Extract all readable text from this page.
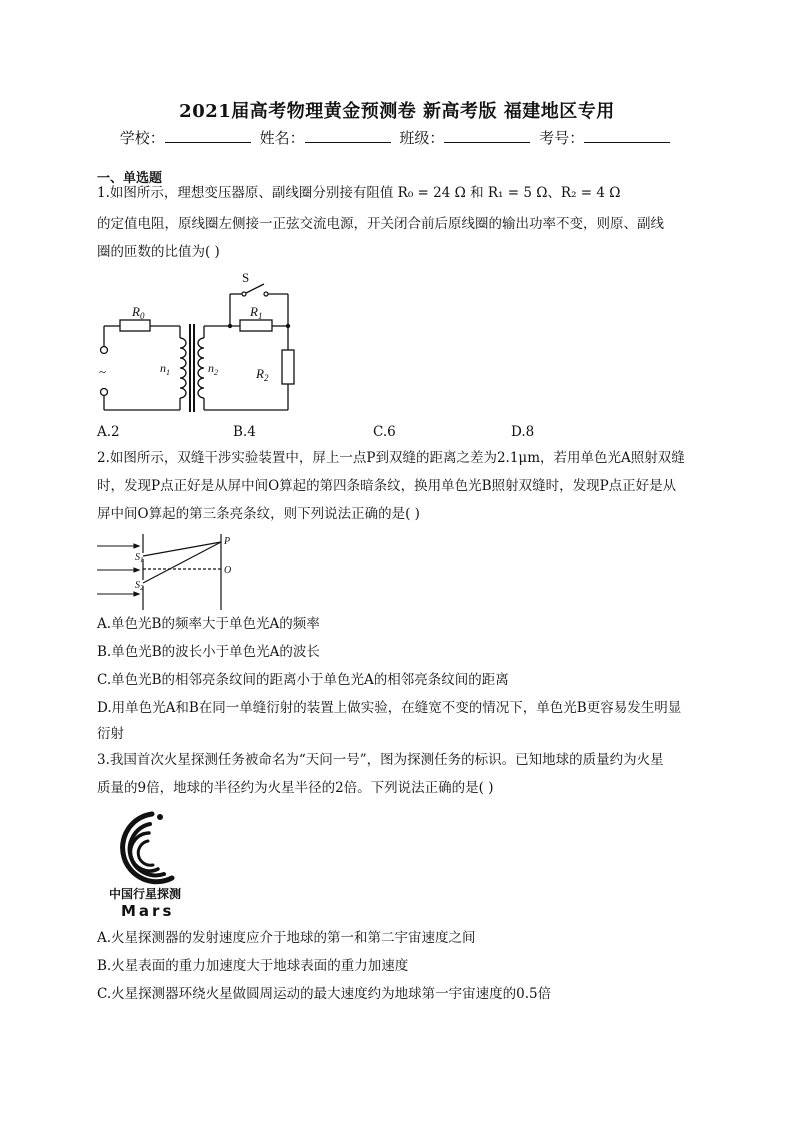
2021届高考物理黄金预测卷 新高考版 福建地区专用
学校：	姓名：	班级：	考号：
一、单选题
1.如图所示，理想变压器原、副线圈分别接有阻值 R₀ = 24 Ω 和 R₁ = 5 Ω、R₂ = 4 Ω
的定值电阻，原线圈左侧接一正弦交流电源，开关闭合前后原线圈的输出功率不变，则原、副线
圈的匝数的比值为( )
$R_0$	$R_1$
$R_2$
$n_1$	$n_2$
S
~
A.2	B.4	C.6	D.8
2.如图所示，双缝干涉实验装置中，屏上一点P到双缝的距离之差为2.1μm，若用单色光A照射双缝
时，发现P点正好是从屏中间O算起的第四条暗条纹，换用单色光B照射双缝时，发现P点正好是从
屏中间O算起的第三条亮条纹，则下列说法正确的是( )
$S_1$
$S_2$
P
O
A.单色光B的频率大于单色光A的频率
B.单色光B的波长小于单色光A的波长
C.单色光B的相邻亮条纹间的距离小于单色光A的相邻亮条纹间的距离
D.用单色光A和B在同一单缝衍射的装置上做实验，在缝宽不变的情况下，单色光B更容易发生明显
衍射
3.我国首次火星探测任务被命名为“天问一号”，图为探测任务的标识。已知地球的质量约为火星
质量的9倍，地球的半径约为火星半径的2倍。下列说法正确的是( )
中国行星探测
Mars
A.火星探测器的发射速度应介于地球的第一和第二宇宙速度之间
B.火星表面的重力加速度大于地球表面的重力加速度
C.火星探测器环绕火星做圆周运动的最大速度约为地球第一宇宙速度的0.5倍
